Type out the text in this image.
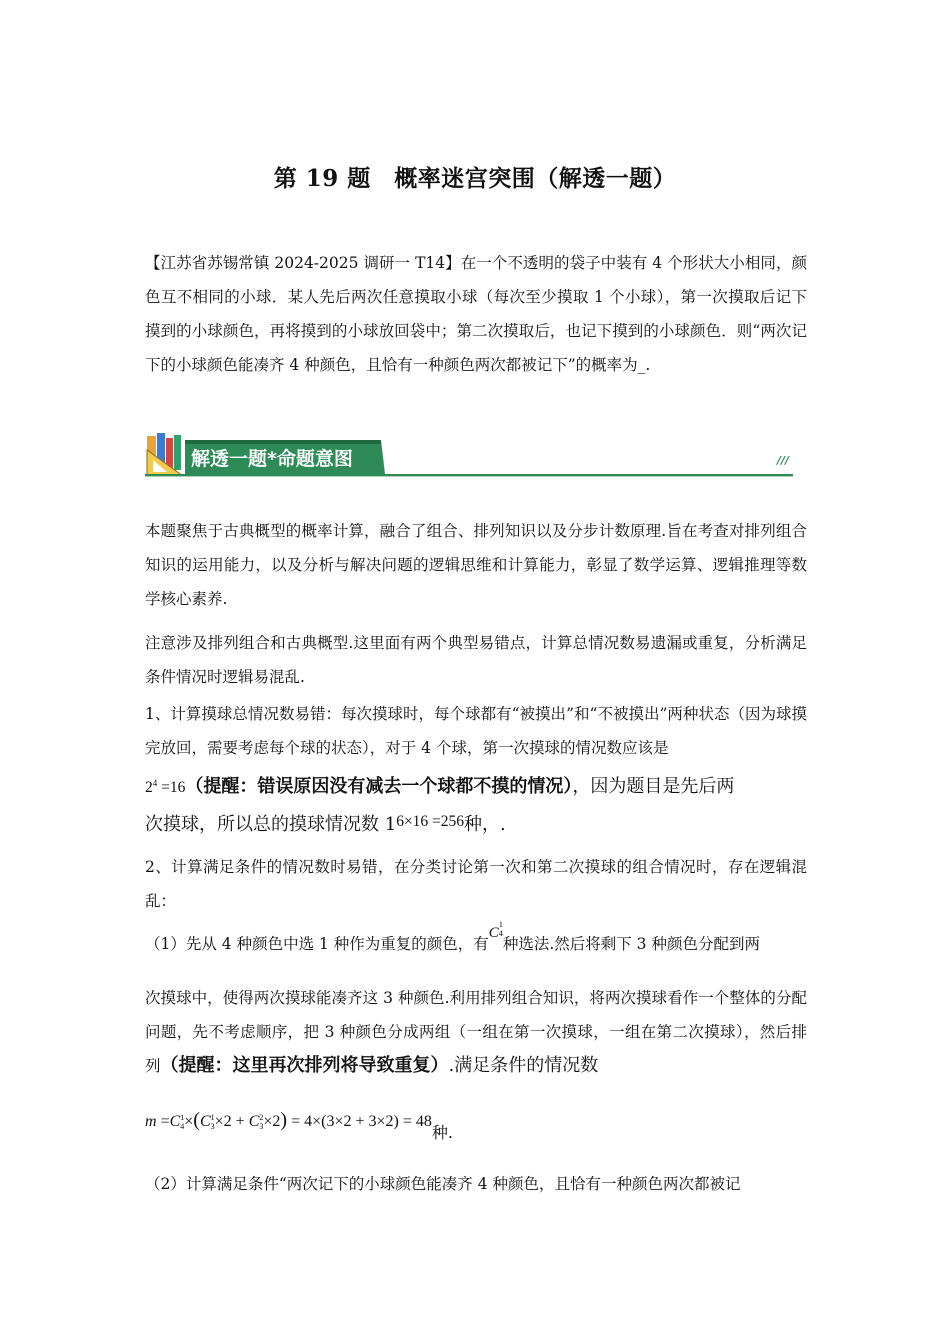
第 19 题　概率迷宫突围（解透一题）
【江苏省苏锡常镇 2024-2025 调研一 T14】在一个不透明的袋子中装有 4 个形状大小相同，颜色互不相同的小球．某人先后两次任意摸取小球（每次至少摸取 1 个小球），第一次摸取后记下摸到的小球颜色，再将摸到的小球放回袋中；第二次摸取后，也记下摸到的小球颜色．则“两次记下的小球颜色能凑齐 4 种颜色，且恰有一种颜色两次都被记下”的概率为_.
解透一题*命题意图	///
本题聚焦于古典概型的概率计算，融合了组合、排列知识以及分步计数原理.旨在考查对排列组合知识的运用能力，以及分析与解决问题的逻辑思维和计算能力，彰显了数学运算、逻辑推理等数学核心素养.
注意涉及排列组合和古典概型.这里面有两个典型易错点，计算总情况数易遗漏或重复，分析满足条件情况时逻辑易混乱.
1、计算摸球总情况数易错：每次摸球时，每个球都有“被摸出”和“不被摸出”两种状态（因为球摸完放回，需要考虑每个球的状态），对于 4 个球，第一次摸球的情况数应该是
$2^4 =16$（提醒：错误原因没有减去一个球都不摸的情况），因为题目是先后两
次摸球，所以总的摸球情况数 16×16 =256种，.
2、计算满足条件的情况数时易错，在分类讨论第一次和第二次摸球的组合情况时，存在逻辑混乱：
（1）先从 4 种颜色中选 1 种作为重复的颜色，有C
1
4
种选法.然后将剩下 3 种颜色分配到两
次摸球中，使得两次摸球能凑齐这 3 种颜色.利用排列组合知识，将两次摸球看作一个整体的分配问题，先不考虑顺序，把 3 种颜色分成两组（一组在第一次摸球，一组在第二次摸球），然后排列（提醒：这里再次排列将导致重复）.满足条件的情况数
m =C 1
4 ×(C 1
3 ×2 + C 2
3 ×2) = 4×(3×2 + 3×2) = 48种.
（2）计算满足条件“两次记下的小球颜色能凑齐 4 种颜色，且恰有一种颜色两次都被记
